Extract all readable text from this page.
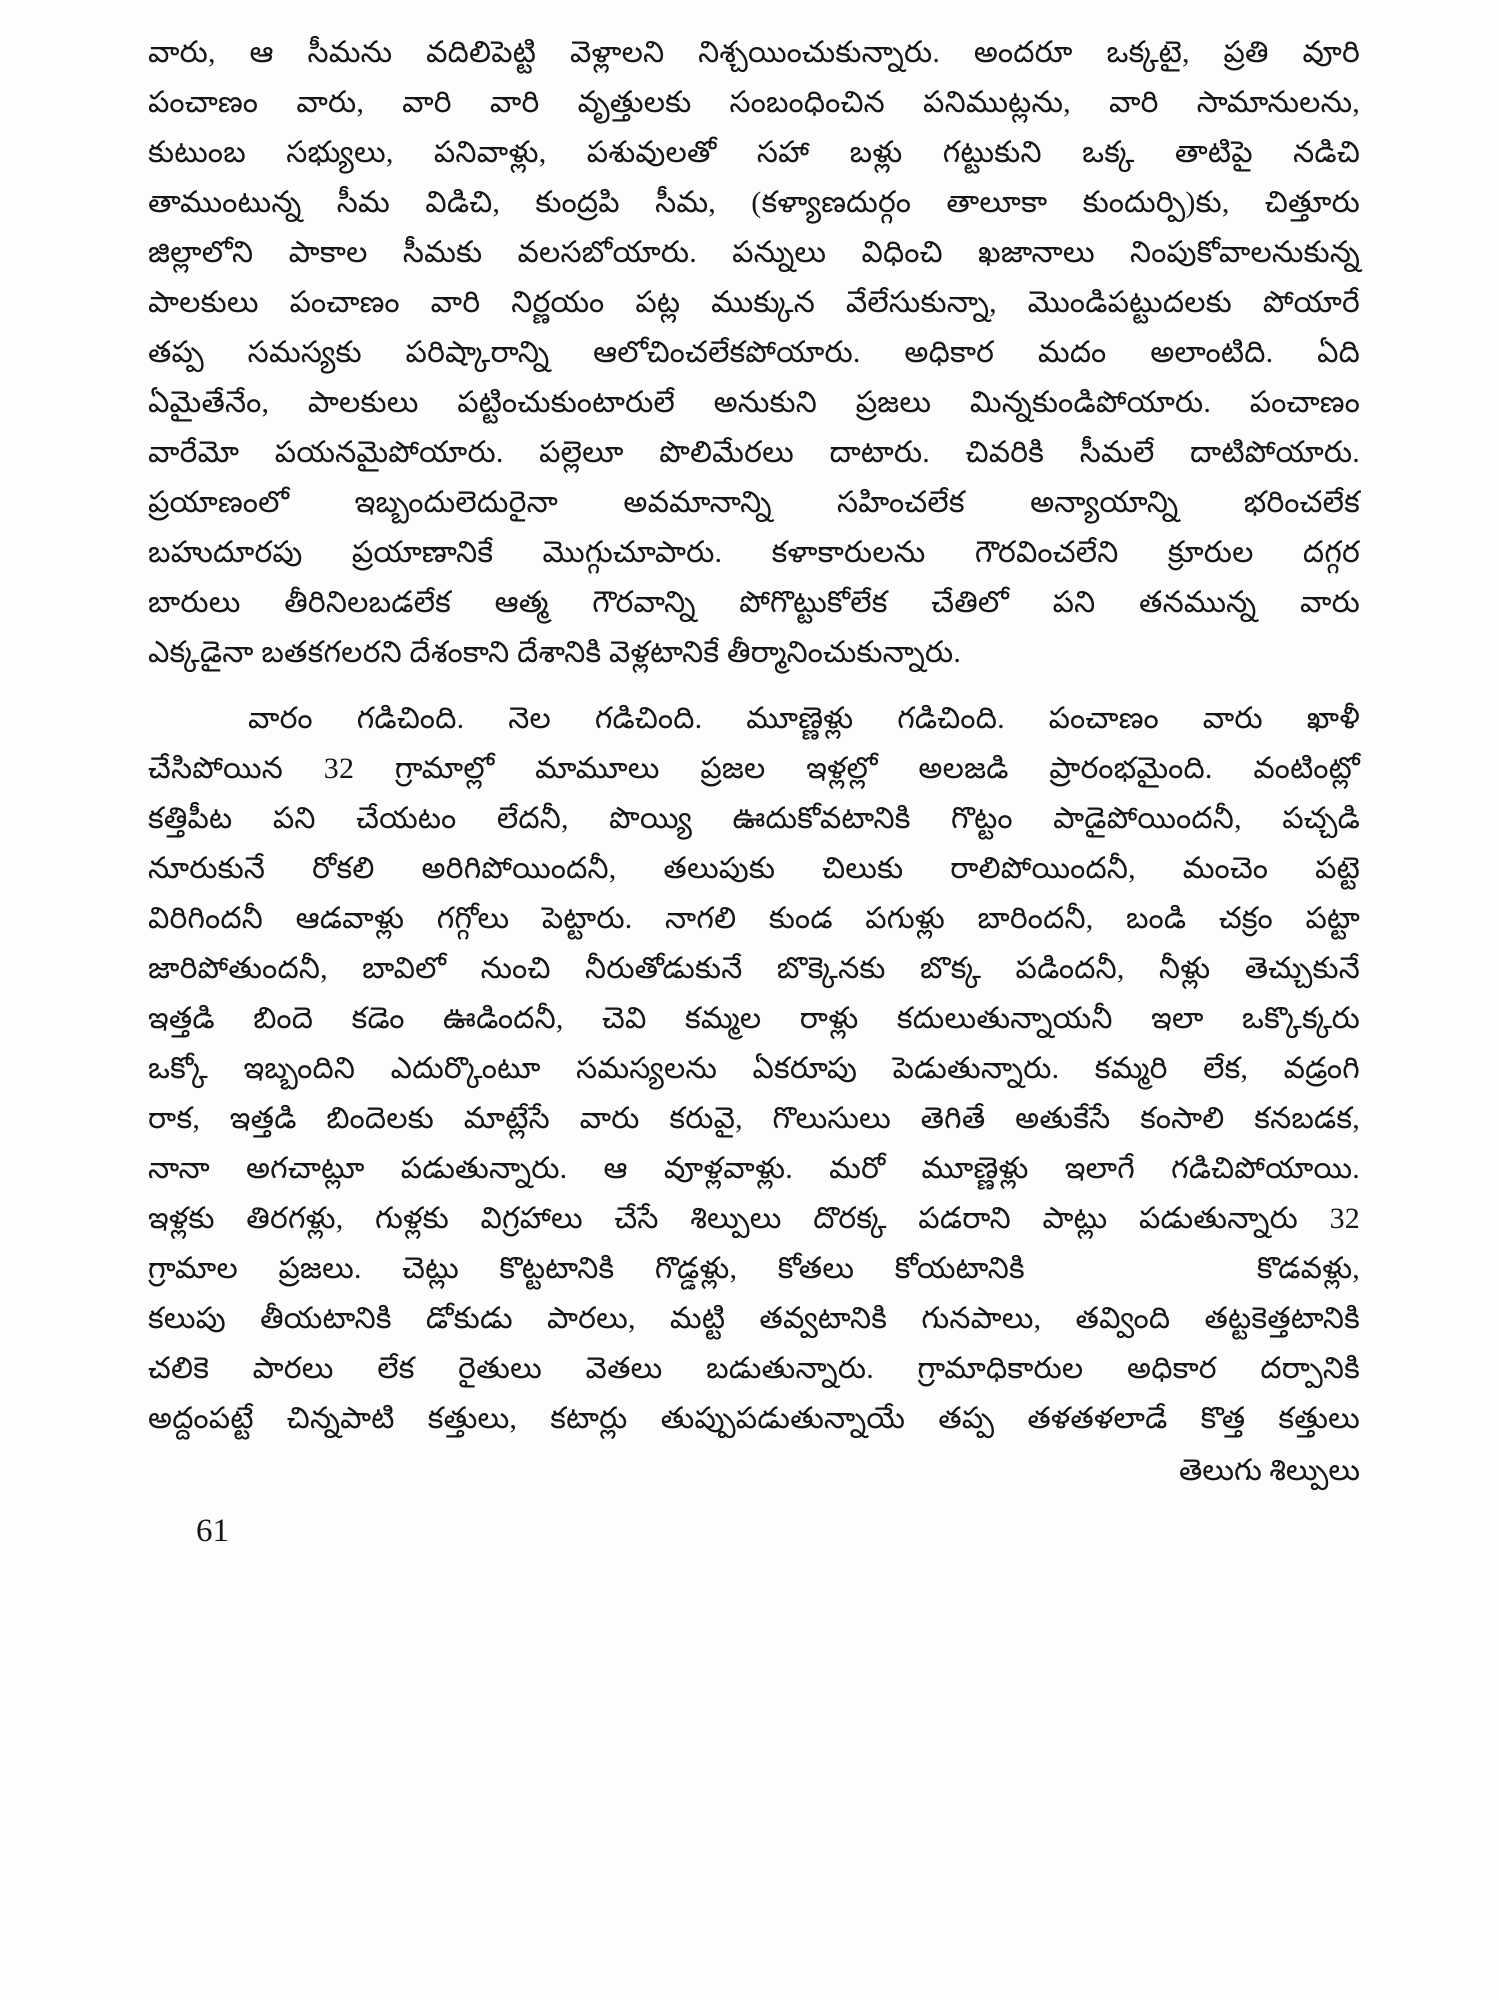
వారు, ఆ సీమను వదిలిపెట్టి వెళ్లాలని నిశ్చయించుకున్నారు. అందరూ ఒక్కటై, ప్రతి వూరి
పంచాణం వారు, వారి వారి వృత్తులకు సంబంధించిన పనిముట్లను, వారి సామానులను,
కుటుంబ సభ్యులు, పనివాళ్లు, పశువులతో సహా బళ్లు గట్టుకుని ఒక్క తాటిపై నడిచి
తాముంటున్న సీమ విడిచి, కుంద్రపి సీమ, (కళ్యాణదుర్గం తాలూకా కుందుర్పి)కు, చిత్తూరు
జిల్లాలోని పాకాల సీమకు వలసబోయారు. పన్నులు విధించి ఖజానాలు నింపుకోవాలనుకున్న
పాలకులు పంచాణం వారి నిర్ణయం పట్ల ముక్కున వేలేసుకున్నా, మొండిపట్టుదలకు పోయారే
తప్ప సమస్యకు పరిష్కారాన్ని ఆలోచించలేకపోయారు. అధికార మదం అలాంటిది. ఏది
ఏమైతేనేం, పాలకులు పట్టించుకుంటారులే అనుకుని ప్రజలు మిన్నకుండిపోయారు. పంచాణం
వారేమో పయనమైపోయారు. పల్లెలూ పొలిమేరలు దాటారు. చివరికి సీమలే దాటిపోయారు.
ప్రయాణంలో ఇబ్బందులెదురైనా అవమానాన్ని సహించలేక అన్యాయాన్ని భరించలేక
బహుదూరపు ప్రయాణానికే మొగ్గుచూపారు. కళాకారులను గౌరవించలేని క్రూరుల దగ్గర
బారులు తీరినిలబడలేక ఆత్మ గౌరవాన్ని పోగొట్టుకోలేక చేతిలో పని తనమున్న వారు
ఎక్కడైనా బతకగలరని దేశంకాని దేశానికి వెళ్లటానికే తీర్మానించుకున్నారు.
వారం గడిచింది. నెల గడిచింది. మూణ్ణెళ్లు గడిచింది. పంచాణం వారు ఖాళీ
చేసిపోయిన 32 గ్రామాల్లో మామూలు ప్రజల ఇళ్లల్లో అలజడి ప్రారంభమైంది. వంటింట్లో
కత్తిపీట పని చేయటం లేదనీ, పొయ్యి ఊదుకోవటానికి గొట్టం పాడైపోయిందనీ, పచ్చడి
నూరుకునే రోకలి అరిగిపోయిందనీ, తలుపుకు చిలుకు రాలిపోయిందనీ, మంచెం పట్టె
విరిగిందనీ ఆడవాళ్లు గగ్గోలు పెట్టారు. నాగలి కుండ పగుళ్లు బారిందనీ, బండి చక్రం పట్టా
జారిపోతుందనీ, బావిలో నుంచి నీరుతోడుకునే బొక్కెనకు బొక్క పడిందనీ, నీళ్లు తెచ్చుకునే
ఇత్తడి బిందె కడెం ఊడిందనీ, చెవి కమ్మల రాళ్లు కదులుతున్నాయనీ ఇలా ఒక్కొక్కరు
ఒక్కో ఇబ్బందిని ఎదుర్కొంటూ సమస్యలను ఏకరూపు పెడుతున్నారు. కమ్మరి లేక, వడ్రంగి
రాక, ఇత్తడి బిందెలకు మాట్లేసే వారు కరువై, గొలుసులు తెగితే అతుకేసే కంసాలి కనబడక,
నానా అగచాట్లూ పడుతున్నారు. ఆ వూళ్లవాళ్లు. మరో మూణ్ణెళ్లు ఇలాగే గడిచిపోయాయి.
ఇళ్లకు తిరగళ్లు, గుళ్లకు విగ్రహాలు చేసే శిల్పులు దొరక్క పడరాని పాట్లు పడుతున్నారు 32
గ్రామాల ప్రజలు. చెట్లు కొట్టటానికి గొడ్డళ్లు, కోతలు కోయటానికి       కొడవళ్లు,
కలుపు తీయటానికి డోకుడు పారలు, మట్టి తవ్వటానికి గునపాలు, తవ్వింది తట్టకెత్తటానికి
చలికె పారలు లేక రైతులు వెతలు బడుతున్నారు. గ్రామాధికారుల అధికార దర్పానికి
అద్దంపట్టే చిన్నపాటి కత్తులు, కటార్లు తుప్పుపడుతున్నాయే తప్ప తళతళలాడే కొత్త కత్తులు
తెలుగు శిల్పులు
61
